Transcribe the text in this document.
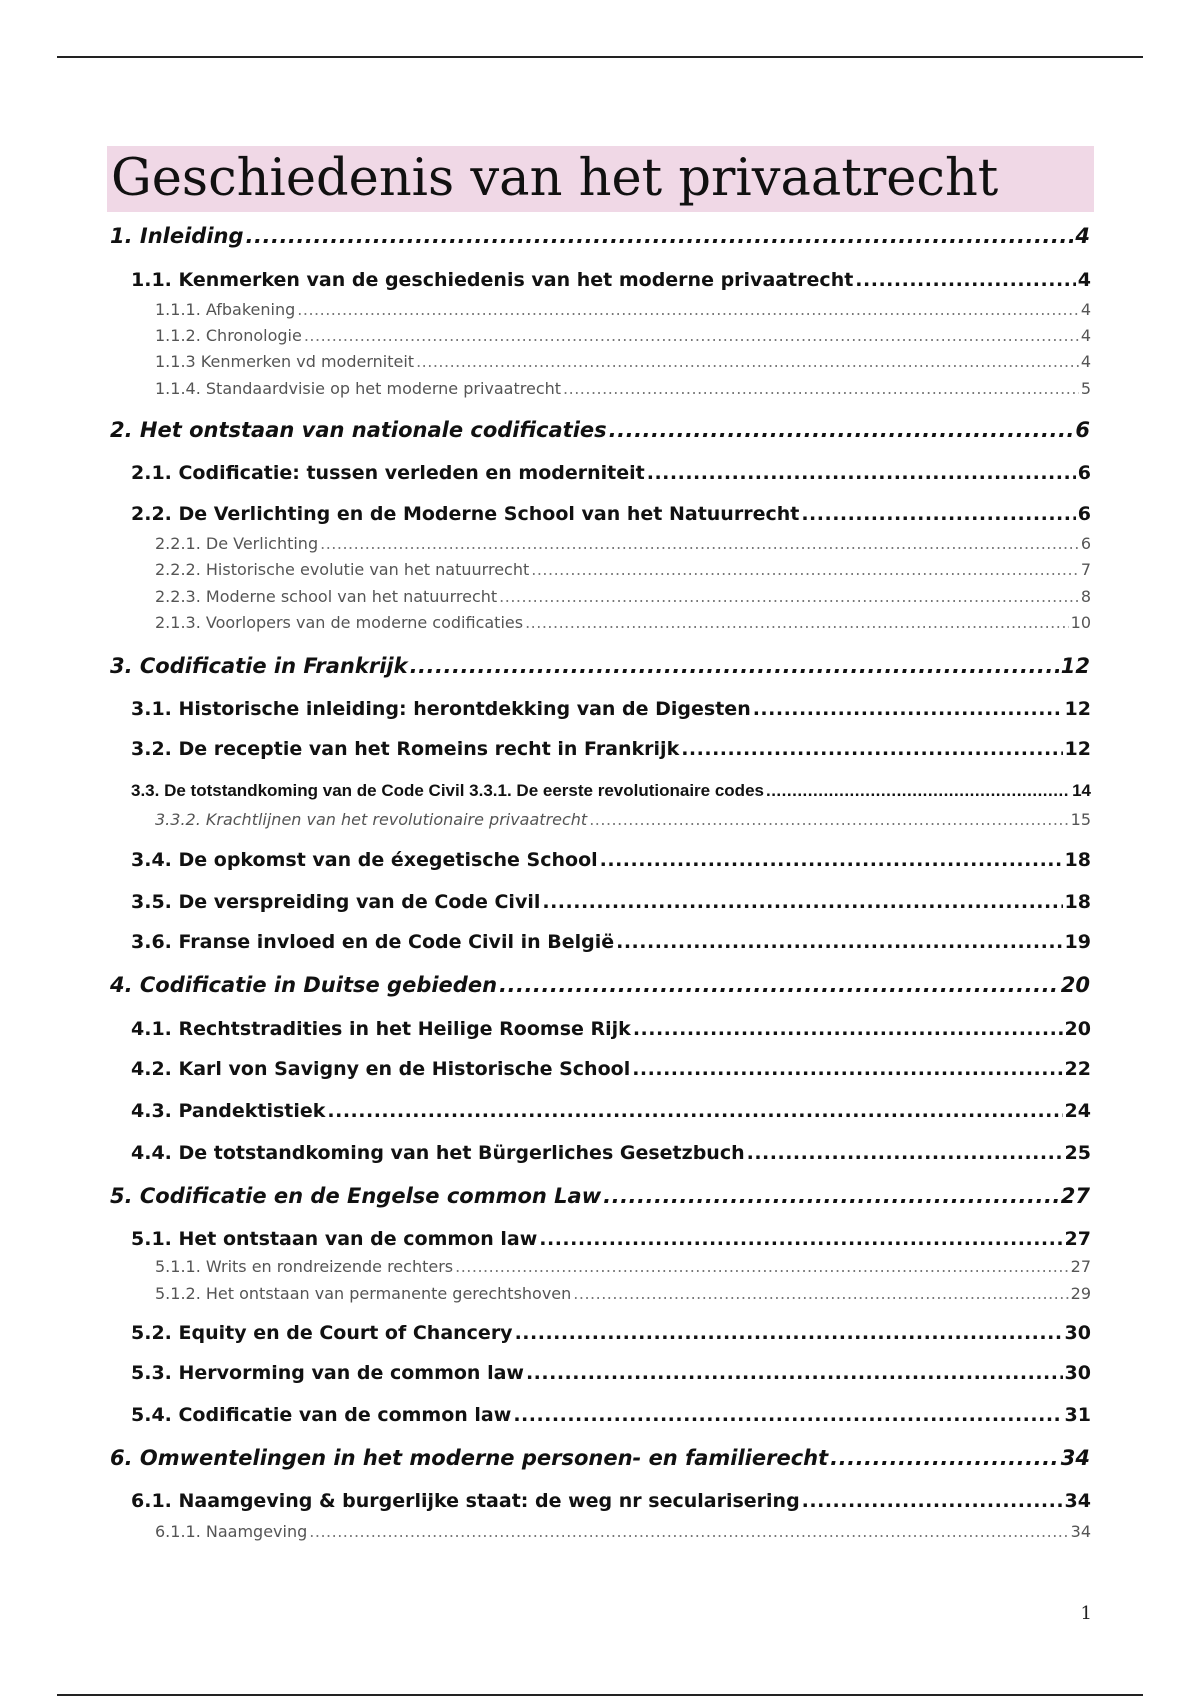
Geschiedenis van het privaatrecht
1. Inleiding .....	4
1.1. Kenmerken van de geschiedenis van het moderne privaatrecht .....	4
1.1.1. Afbakening .....	4
1.1.2. Chronologie .....	4
1.1.3 Kenmerken vd moderniteit .....	4
1.1.4. Standaardvisie op het moderne privaatrecht .....	5
2. Het ontstaan van nationale codificaties .....	6
2.1. Codificatie: tussen verleden en moderniteit .....	6
2.2. De Verlichting en de Moderne School van het Natuurrecht .....	6
2.2.1. De Verlichting .....	6
2.2.2. Historische evolutie van het natuurrecht .....	7
2.2.3. Moderne school van het natuurrecht .....	8
2.1.3. Voorlopers van de moderne codificaties .....	10
3. Codificatie in Frankrijk .....	12
3.1. Historische inleiding: herontdekking van de Digesten .....	12
3.2. De receptie van het Romeins recht in Frankrijk .....	12
3.3. De totstandkoming van de Code Civil 3.3.1. De eerste revolutionaire codes .....	14
3.3.2. Krachtlijnen van het revolutionaire privaatrecht .....	15
3.4. De opkomst van de éxegetische School .....	18
3.5. De verspreiding van de Code Civil .....	18
3.6. Franse invloed en de Code Civil in België .....	19
4. Codificatie in Duitse gebieden .....	20
4.1. Rechtstradities in het Heilige Roomse Rijk .....	20
4.2. Karl von Savigny en de Historische School .....	22
4.3. Pandektistiek .....	24
4.4. De totstandkoming van het Bürgerliches Gesetzbuch .....	25
5. Codificatie en de Engelse common Law .....	27
5.1. Het ontstaan van de common law .....	27
5.1.1. Writs en rondreizende rechters .....	27
5.1.2. Het ontstaan van permanente gerechtshoven .....	29
5.2. Equity en de Court of Chancery .....	30
5.3. Hervorming van de common law .....	30
5.4. Codificatie van de common law .....	31
6. Omwentelingen in het moderne personen- en familierecht .....	34
6.1. Naamgeving & burgerlijke staat: de weg nr secularisering .....	34
6.1.1. Naamgeving .....	34
1
